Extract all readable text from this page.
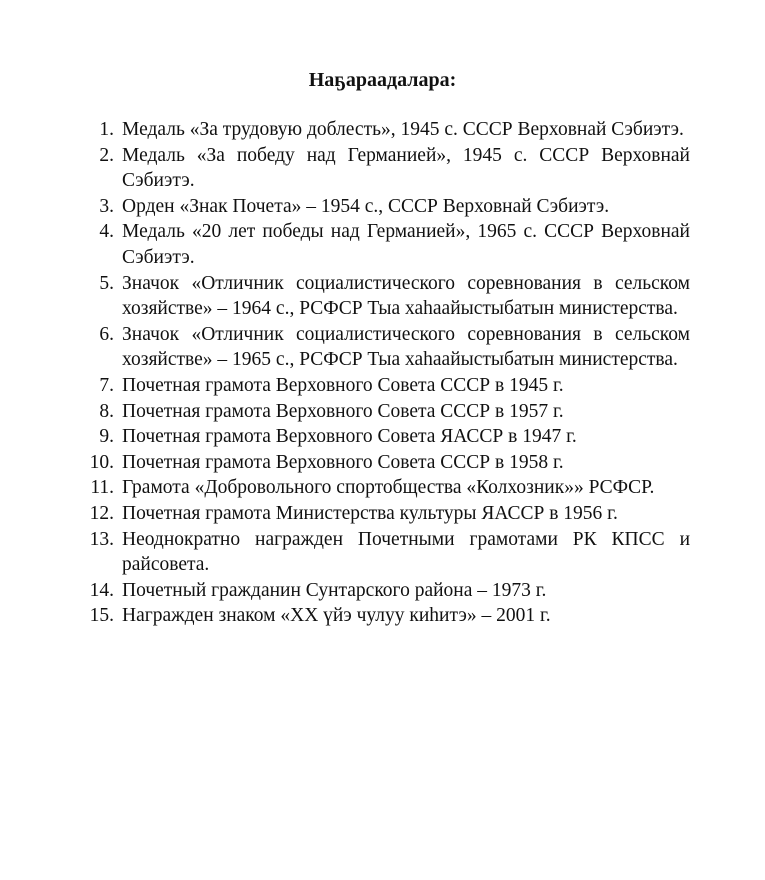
Наҕараадалара:
1. Медаль «За трудовую доблесть», 1945 с. СССР Верховнай Сэбиэтэ.
2. Медаль «За победу над Германией», 1945 с. СССР Верховнай Сэбиэтэ.
3. Орден «Знак Почета» – 1954 с., СССР Верховнай Сэбиэтэ.
4. Медаль «20 лет победы над Германией», 1965 с. СССР Верховнай Сэбиэтэ.
5. Значок «Отличник социалистического соревнования в сельском хозяйстве» – 1964 с., РСФСР Тыа хаһаайыстыбатын министерства.
6. Значок «Отличник социалистического соревнования в сельском хозяйстве» – 1965 с., РСФСР Тыа хаһаайыстыбатын министерства.
7. Почетная грамота Верховного Совета СССР в 1945 г.
8. Почетная грамота Верховного Совета СССР в 1957 г.
9. Почетная грамота Верховного Совета ЯАССР в 1947 г.
10. Почетная грамота Верховного Совета СССР в 1958 г.
11. Грамота «Добровольного спортобщества «Колхозник»» РСФСР.
12. Почетная грамота Министерства культуры ЯАССР в 1956 г.
13. Неоднократно награжден Почетными грамотами РК КПСС и райсовета.
14. Почетный гражданин Сунтарского района – 1973 г.
15. Награжден знаком «ХХ үйэ чулуу киһитэ» – 2001 г.
